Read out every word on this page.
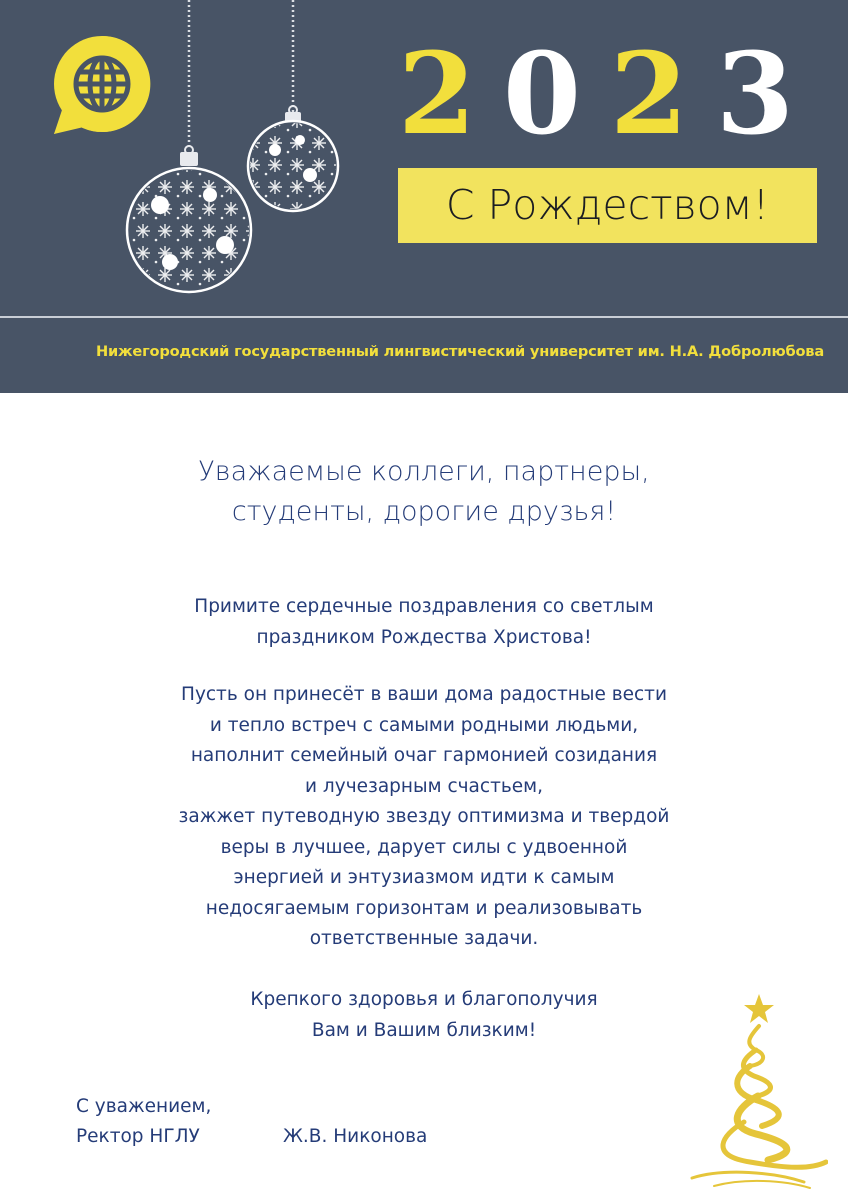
2 0 2 3
С Рождеством!
Нижегородский государственный лингвистический университет им. Н.А. Добролюбова
Уважаемые коллеги, партнеры,
студенты, дорогие друзья!
Примите сердечные поздравления со светлым
праздником Рождества Христова!
Пусть он принесёт в ваши дома радостные вести
и тепло встреч с самыми родными людьми,
наполнит семейный очаг гармонией созидания
и лучезарным счастьем,
зажжет путеводную звезду оптимизма и твердой
веры в лучшее, дарует силы с удвоенной
энергией и энтузиазмом идти к самым
недосягаемым горизонтам и реализовывать
ответственные задачи.
Крепкого здоровья и благополучия
Вам и Вашим близким!
С уважением,
Ректор НГЛУ	Ж.В. Никонова
